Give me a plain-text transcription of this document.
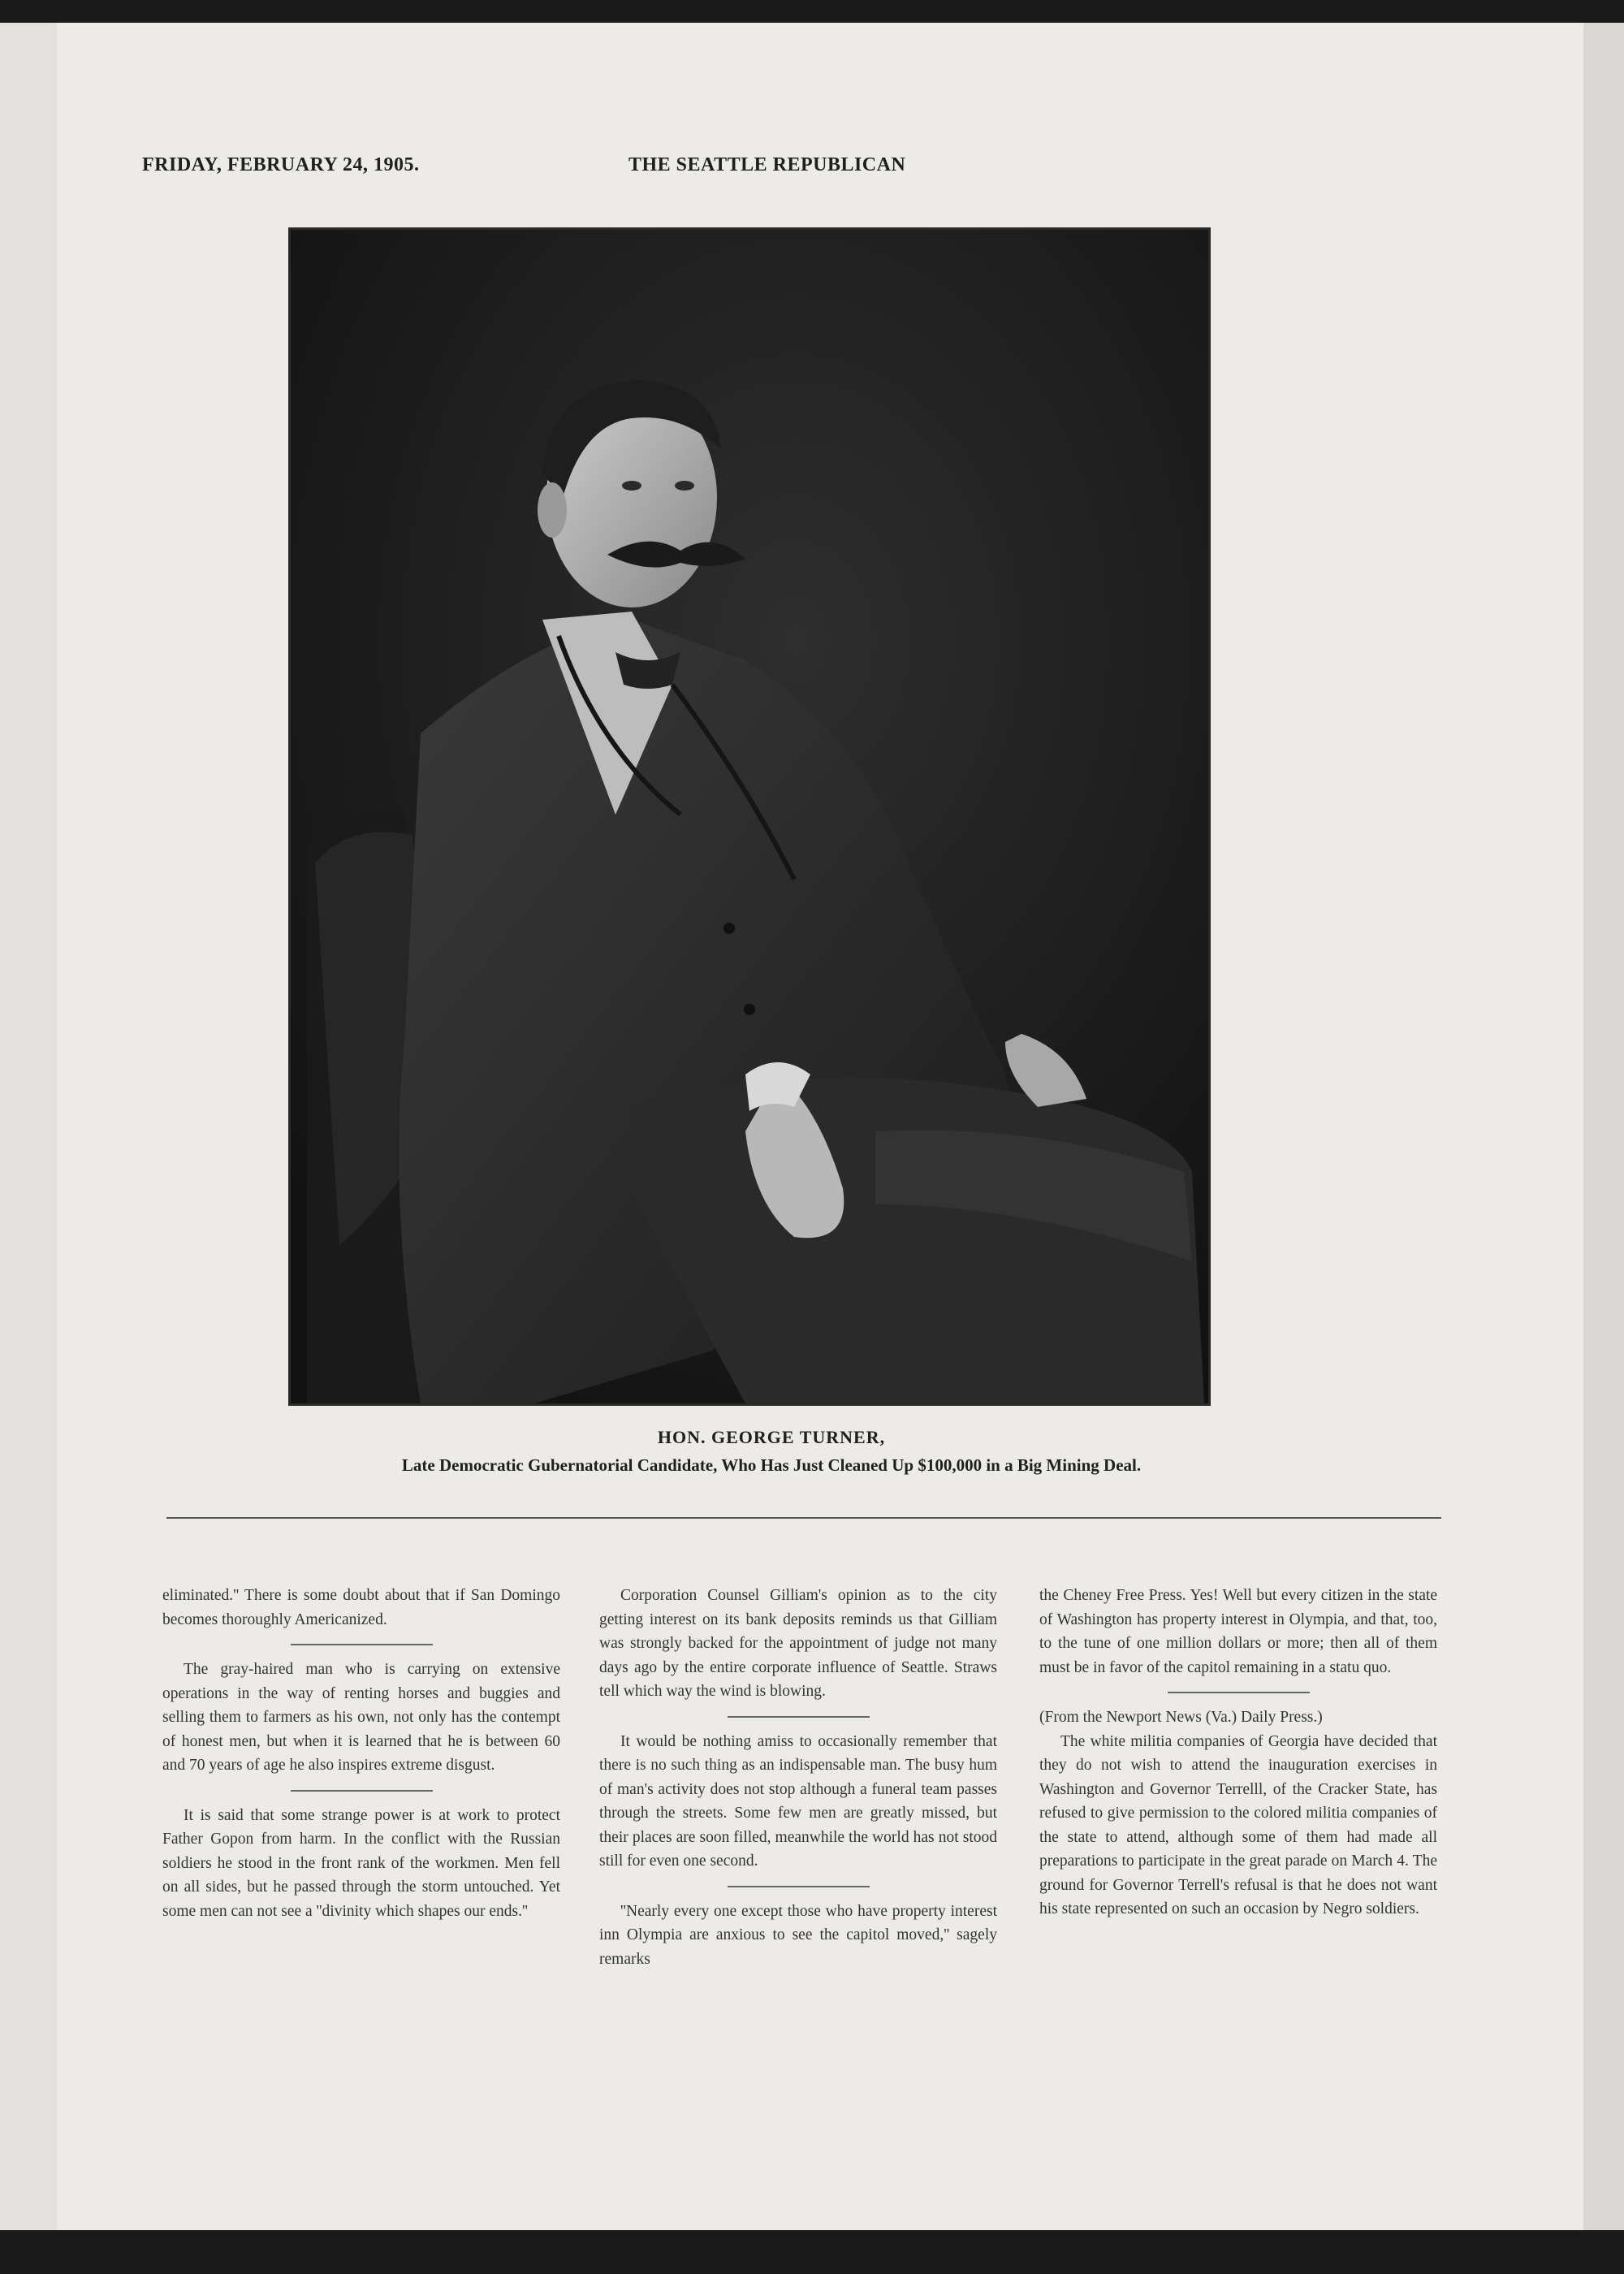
FRIDAY, FEBRUARY 24, 1905.	THE SEATTLE REPUBLICAN
HON. GEORGE TURNER,
Late Democratic Gubernatorial Candidate, Who Has Just Cleaned Up $100,000 in a Big Mining Deal.

eliminated.'' There is some doubt about that if San Domingo becomes thoroughly Americanized.

The gray-haired man who is carrying on extensive operations in the way of renting horses and buggies and selling them to farmers as his own, not only has the contempt of honest men, but when it is learned that he is between 60 and 70 years of age he also inspires extreme disgust.

It is said that some strange power is at work to protect Father Gopon from harm. In the conflict with the Russian soldiers he stood in the front rank of the workmen. Men fell on all sides, but he passed through the storm untouched. Yet some men can not see a ''divinity which shapes our ends.''

Corporation Counsel Gilliam's opinion as to the city getting interest on its bank deposits reminds us that Gilliam was strongly backed for the appointment of judge not many days ago by the entire corporate influence of Seattle. Straws tell which way the wind is blowing.

It would be nothing amiss to occasionally remember that there is no such thing as an indispensable man. The busy hum of man's activity does not stop although a funeral team passes through the streets. Some few men are greatly missed, but their places are soon filled, meanwhile the world has not stood still for even one second.

''Nearly every one except those who have property interest inn Olympia are anxious to see the capitol moved,'' sagely remarks

the Cheney Free Press. Yes! Well but every citizen in the state of Washington has property interest in Olympia, and that, too, to the tune of one million dollars or more; then all of them must be in favor of the capitol remaining in a statu quo.

(From the Newport News (Va.) Daily Press.)

The white militia companies of Georgia have decided that they do not wish to attend the inauguration exercises in Washington and Governor Terrelll, of the Cracker State, has refused to give permission to the colored militia companies of the state to attend, although some of them had made all preparations to participate in the great parade on March 4. The ground for Governor Terrell's refusal is that he does not want his state represented on such an occasion by Negro soldiers.
